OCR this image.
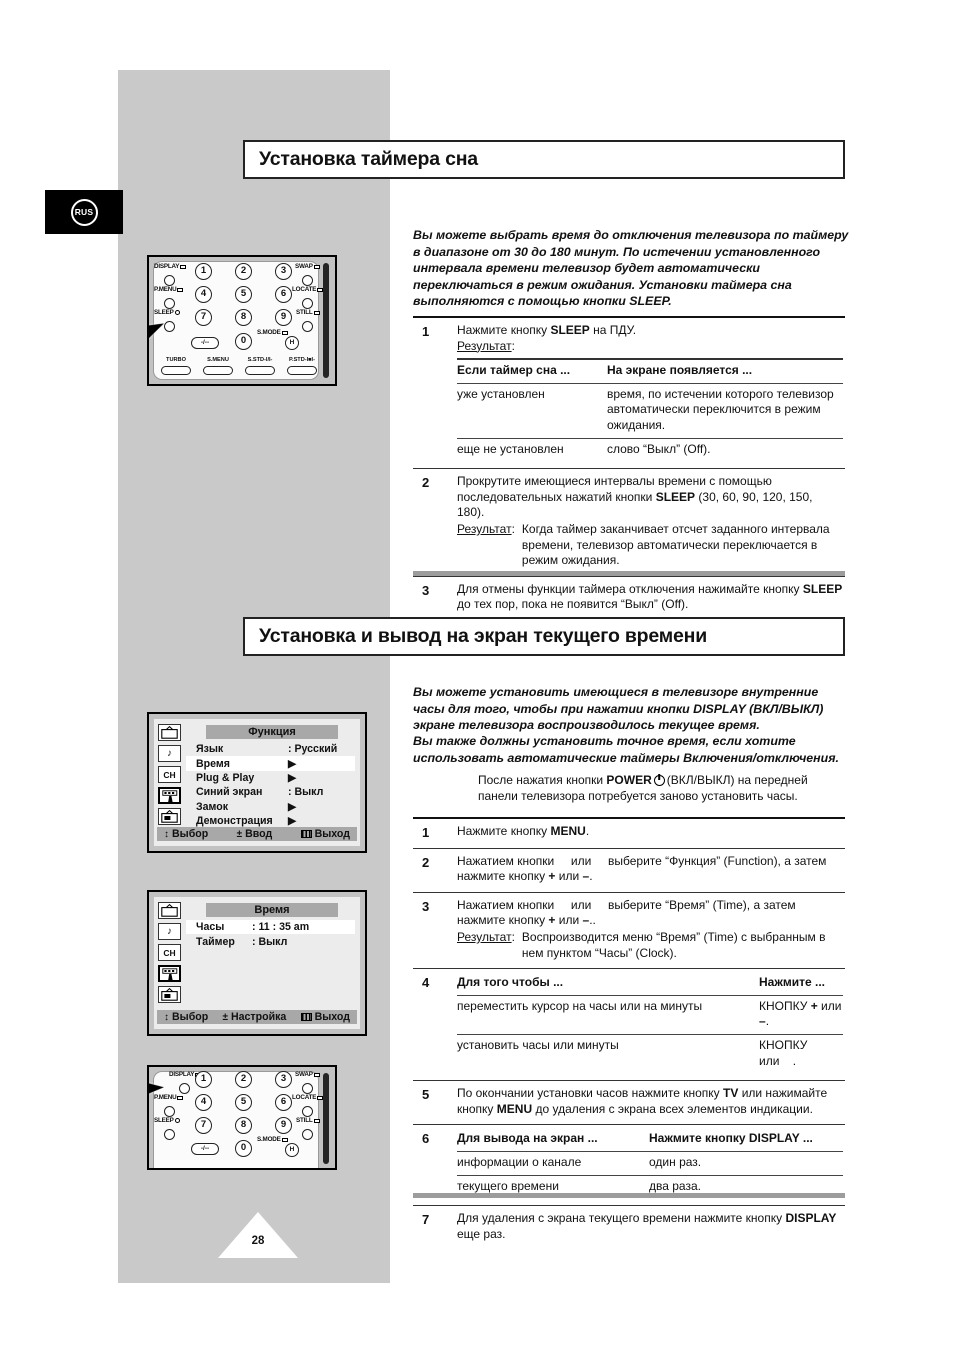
RUS
Установка таймера сна

Вы можете выбрать время до отключения телевизора по таймеру в диапазоне от 30 до 180 минут. По истечении установленного интервала времени телевизор будет автоматически переключаться в режим ожидания. Установки таймера сна выполняются с помощью кнопки SLEEP.

1	Нажмите кнопку SLEEP на ПДУ.
Результат:
Если таймер сна ...	На экране появляется ...
уже установлен	время, по истечении которого телевизор автоматически переключится в режим ожидания.
еще не установлен	слово “Выкл” (Off).
2	Прокрутите имеющиеся интервалы времени с помощью последовательных нажатий кнопки SLEEP (30, 60, 90, 120, 150, 180).
Результат: Когда таймер заканчивает отсчет заданного интервала времени, телевизор автоматически переключается в режим ожидания.
3	Для отмены функции таймера отключения нажимайте кнопку SLEEP до тех пор, пока не появится “Выкл” (Off).
Установка и вывод на экран текущего времени

Вы можете установить имеющиеся в телевизоре внутренние часы для того, чтобы при нажатии кнопки DISPLAY (ВКЛ/ВЫКЛ) экране телевизора воспроизводилось текущее время.

Вы также должны установить точное время, если хотите использовать автоматические таймеры Включения/отключения.

После нажатия кнопки POWER (ВКЛ/ВЫКЛ) на передней панели телевизора потребуется заново установить часы.

1	Нажмите кнопку MENU.
2	Нажатием кнопки     или     выберите “Функция” (Function), а затем нажмите кнопку + или –.
3	Нажатием кнопки     или     выберите “Время” (Time), а затем нажмите кнопку + или –..
Результат: Воспроизводится меню “Время” (Time) с выбранным в нем пунктом “Часы” (Clock).
4	Для того чтобы ...	Нажмите ...
переместить курсор на часы или на минуты	КНОПКУ + или –.
установить часы или минуты	КНОПКУ     или    .
5	По окончании установки часов нажмите кнопку TV или нажимайте кнопку MENU до удаления с экрана всех элементов индикации.
6	Для вывода на экран ...	Нажмите кнопку DISPLAY ...
информации о канале	один раз.
текущего времени	два раза.
7	Для удаления с экрана текущего времени нажмите кнопку DISPLAY еще раз.
DISPLAY
P.MENU
SLEEP
1	2	3
4	5	6
7	8	9
SWAP
LOCATE
STILL
-/--	0
S.MODE
H
TURBO	S.MENU	S.STD-I/I-	P.STD-I■I-
♪
CH
Функция
Язык	: Русский
Время	▶
Plug & Play	▶
Синий экран	: Выкл
Замок	▶
Демонстрация	▶
↕ Выбор	± Ввод	Выход
♪
CH
Время
Часы	: 11 : 35 am
Таймер	: Выкл
↕ Выбор ± Настройка	Выход
DISPLAY
P.MENU
SLEEP
1	2	3
4	5	6
7	8	9
SWAP
LOCATE
STILL
-/--	0
S.MODE
H
28
